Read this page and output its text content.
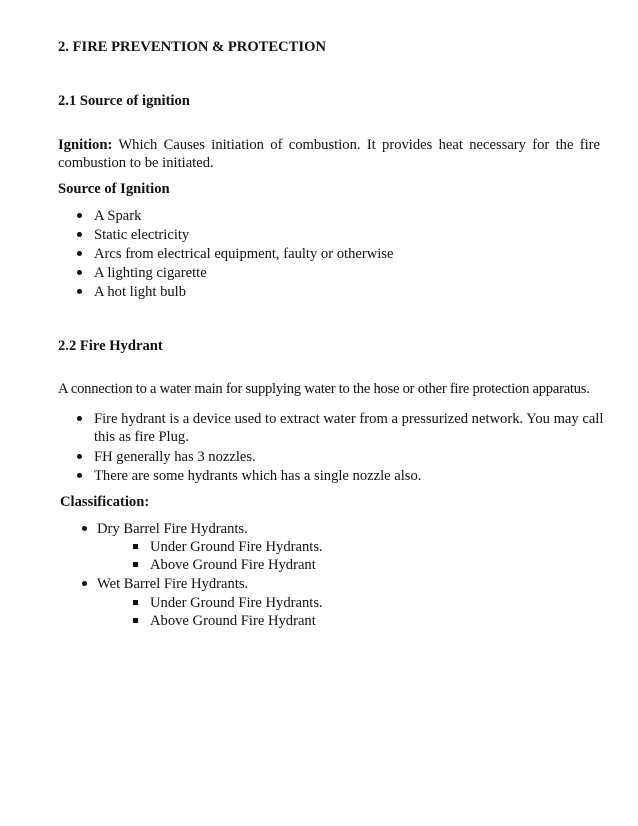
2. FIRE PREVENTION & PROTECTION
2.1 Source of ignition
Ignition: Which Causes initiation of combustion. It provides heat necessary for the fire
combustion to be initiated.
Source of Ignition
A Spark
Static electricity
Arcs from electrical equipment, faulty or otherwise
A lighting cigarette
A hot light bulb
2.2 Fire Hydrant
A connection to a water main for supplying water to the hose or other fire protection apparatus.
Fire hydrant is a device used to extract water from a pressurized network. You may call this as fire Plug.
FH generally has 3 nozzles.
There are some hydrants which has a single nozzle also.
Classification:
Dry Barrel Fire Hydrants.
Under Ground Fire Hydrants.
Above Ground Fire Hydrant
Wet Barrel Fire Hydrants.
Under Ground Fire Hydrants.
Above Ground Fire Hydrant
